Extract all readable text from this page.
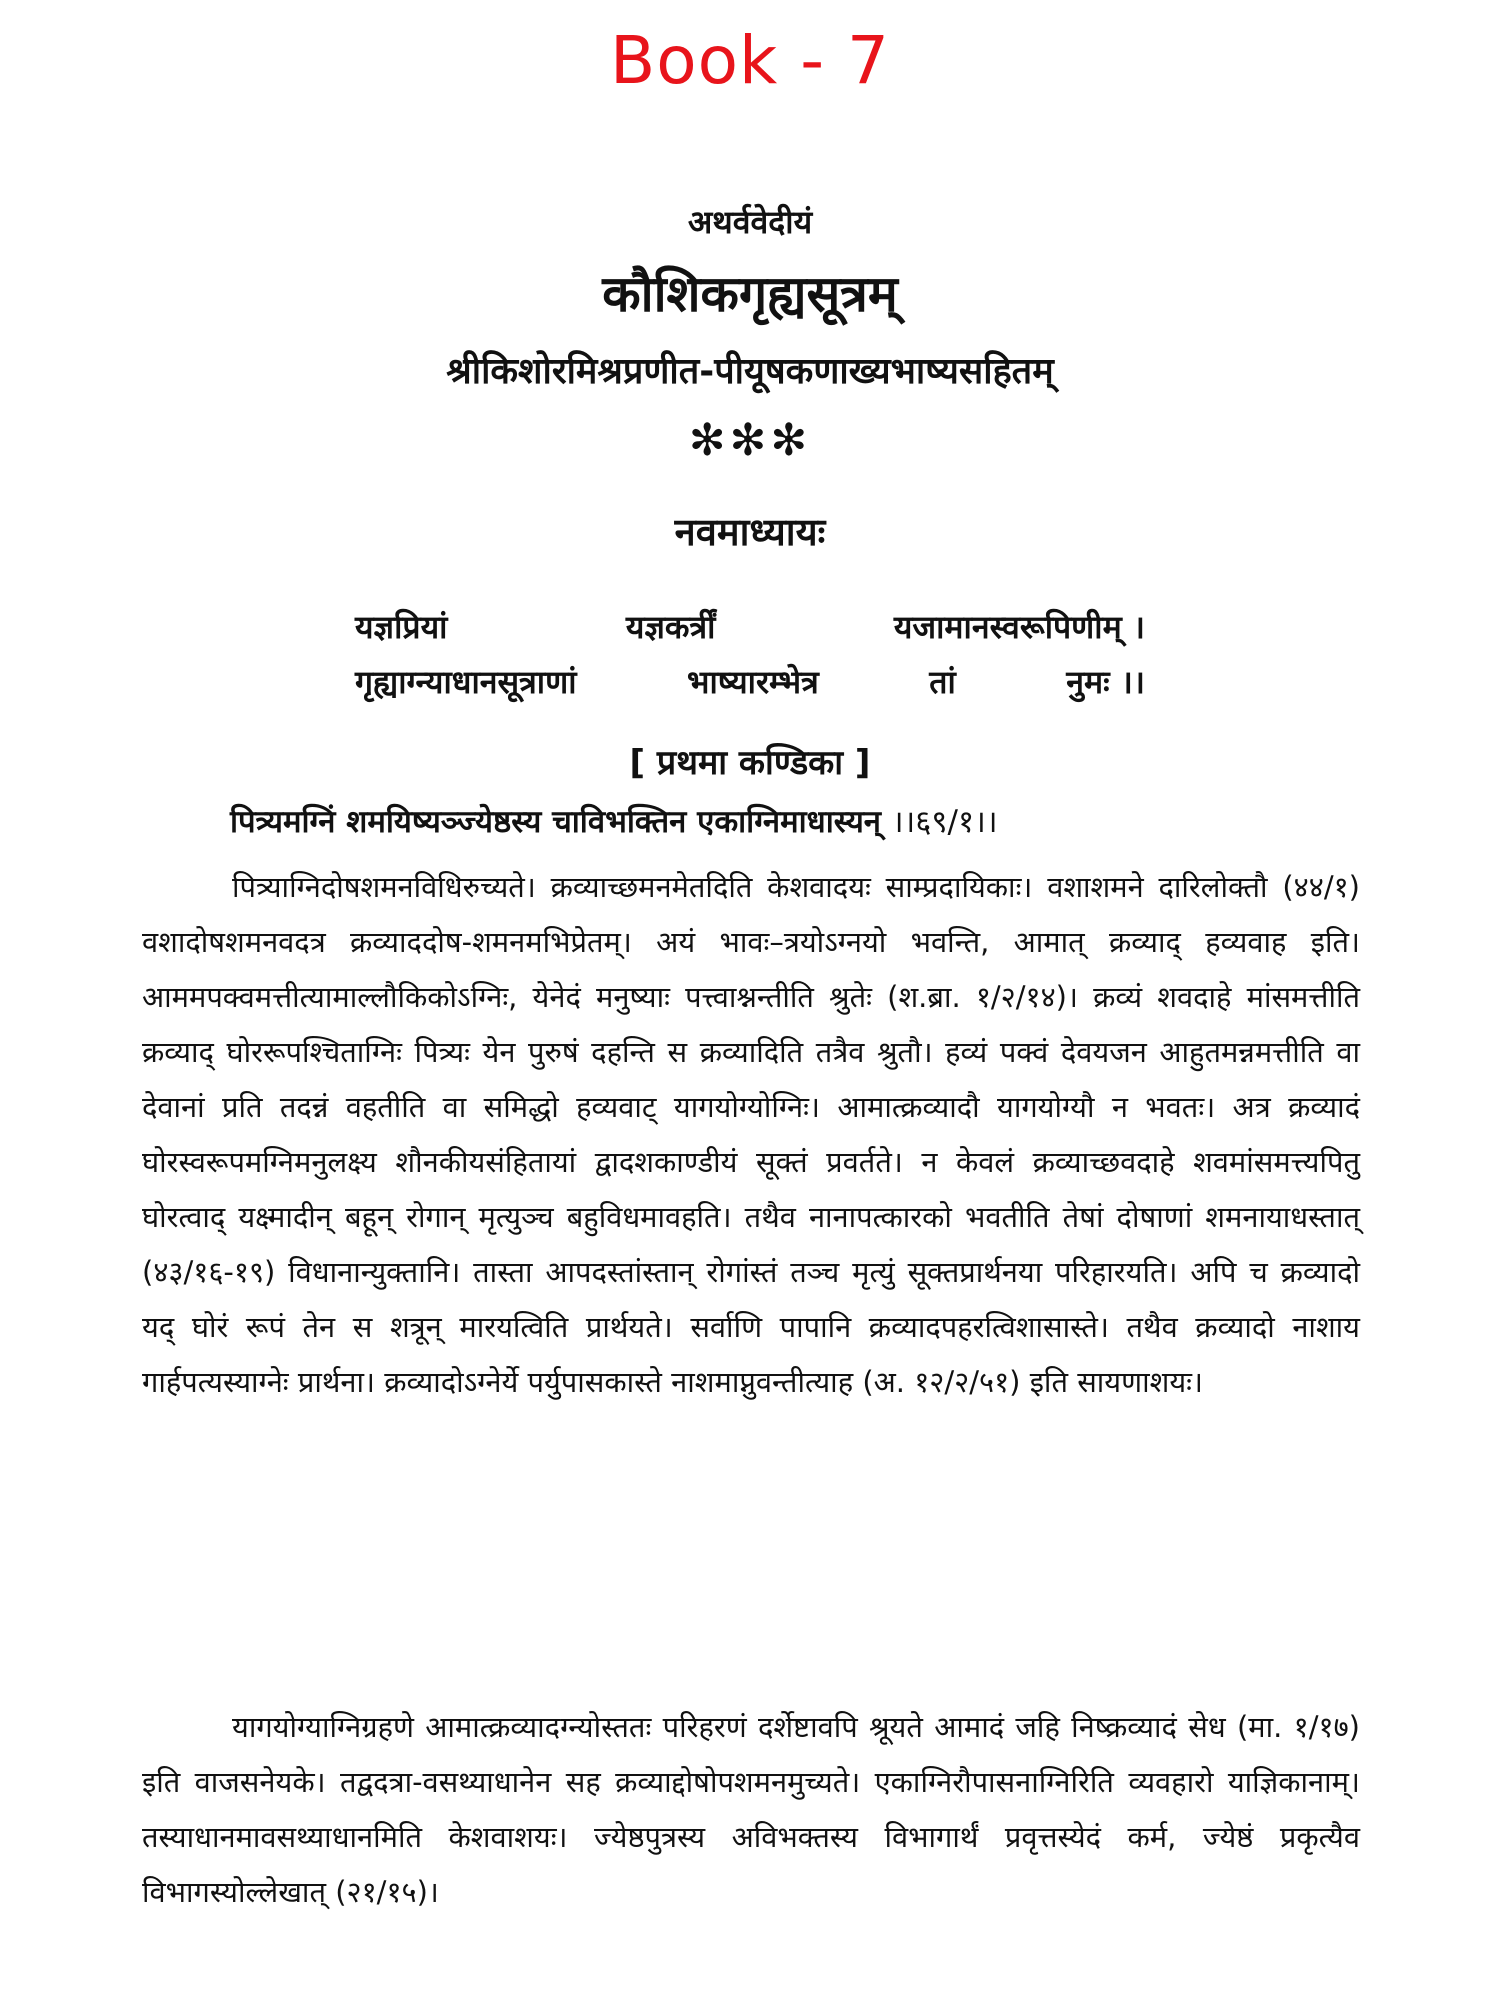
Book - 7
अथर्ववेदीयं
कौशिकगृह्यसूत्रम्
श्रीकिशोरमिश्रप्रणीत-पीयूषकणाख्यभाष्यसहितम्
✻✻✻
नवमाध्यायः
यज्ञप्रियां	यज्ञकर्त्रीं	यजामानस्वरूपिणीम् ।
गृह्याग्न्याधानसूत्राणां	भाष्यारम्भेत्र	तां	नुमः ।।
[ प्रथमा कण्डिका ]
पित्र्यमग्निं शमयिष्यञ्ज्येष्ठस्य चाविभक्तिन एकाग्निमाधास्यन् ।।६९/१।।
पित्र्याग्निदोषशमनविधिरुच्यते। क्रव्याच्छमनमेतदिति केशवादयः साम्प्रदायिकाः। वशाशमने दारिलोक्तौ (४४/१) वशादोषशमनवदत्र क्रव्याददोष-शमनमभिप्रेतम्। अयं भावः–त्रयोऽग्नयो भवन्ति, आमात् क्रव्याद् हव्यवाह इति। आममपक्वमत्तीत्यामाल्लौकिकोऽग्निः, येनेदं मनुष्याः पत्त्वाश्नन्तीति श्रुतेः (श.ब्रा. १/२/१४)। क्रव्यं शवदाहे मांसमत्तीति क्रव्याद् घोररूपश्चिताग्निः पित्र्यः येन पुरुषं दहन्ति स क्रव्यादिति तत्रैव श्रुतौ। हव्यं पक्वं देवयजन आहुतमन्नमत्तीति वा देवानां प्रति तदन्नं वहतीति वा समिद्धो हव्यवाट् यागयोग्योग्निः। आमात्क्रव्यादौ यागयोग्यौ न भवतः। अत्र क्रव्यादं घोरस्वरूपमग्निमनुलक्ष्य शौनकीयसंहितायां द्वादशकाण्डीयं सूक्तं प्रवर्तते। न केवलं क्रव्याच्छवदाहे शवमांसमत्त्यपितु घोरत्वाद् यक्ष्मादीन् बहून् रोगान् मृत्युञ्च बहुविधमावहति। तथैव नानापत्कारको भवतीति तेषां दोषाणां शमनायाधस्तात् (४३/१६-१९) विधानान्युक्तानि। तास्ता आपदस्तांस्तान् रोगांस्तं तञ्च मृत्युं सूक्तप्रार्थनया परिहारयति। अपि च क्रव्यादो यद् घोरं रूपं तेन स शत्रून् मारयत्विति प्रार्थयते। सर्वाणि पापानि क्रव्यादपहरत्विशासास्ते। तथैव क्रव्यादो नाशाय गार्हपत्यस्याग्नेः प्रार्थना। क्रव्यादोऽग्नेर्ये पर्युपासकास्ते नाशमाप्नुवन्तीत्याह (अ. १२/२/५१) इति सायणाशयः।
यागयोग्याग्निग्रहणे आमात्क्रव्यादग्न्योस्ततः परिहरणं दर्शेष्टावपि श्रूयते आमादं जहि निष्क्रव्यादं सेध (मा. १/१७) इति वाजसनेयके। तद्वदत्रा-वसथ्याधानेन सह क्रव्याद्दोषोपशमनमुच्यते। एकाग्निरौपासनाग्निरिति व्यवहारो याज्ञिकानाम्। तस्याधानमावसथ्याधानमिति केशवाशयः। ज्येष्ठपुत्रस्य अविभक्तस्य विभागार्थं प्रवृत्तस्येदं कर्म, ज्येष्ठं प्रकृत्यैव विभागस्योल्लेखात् (२१/१५)।
